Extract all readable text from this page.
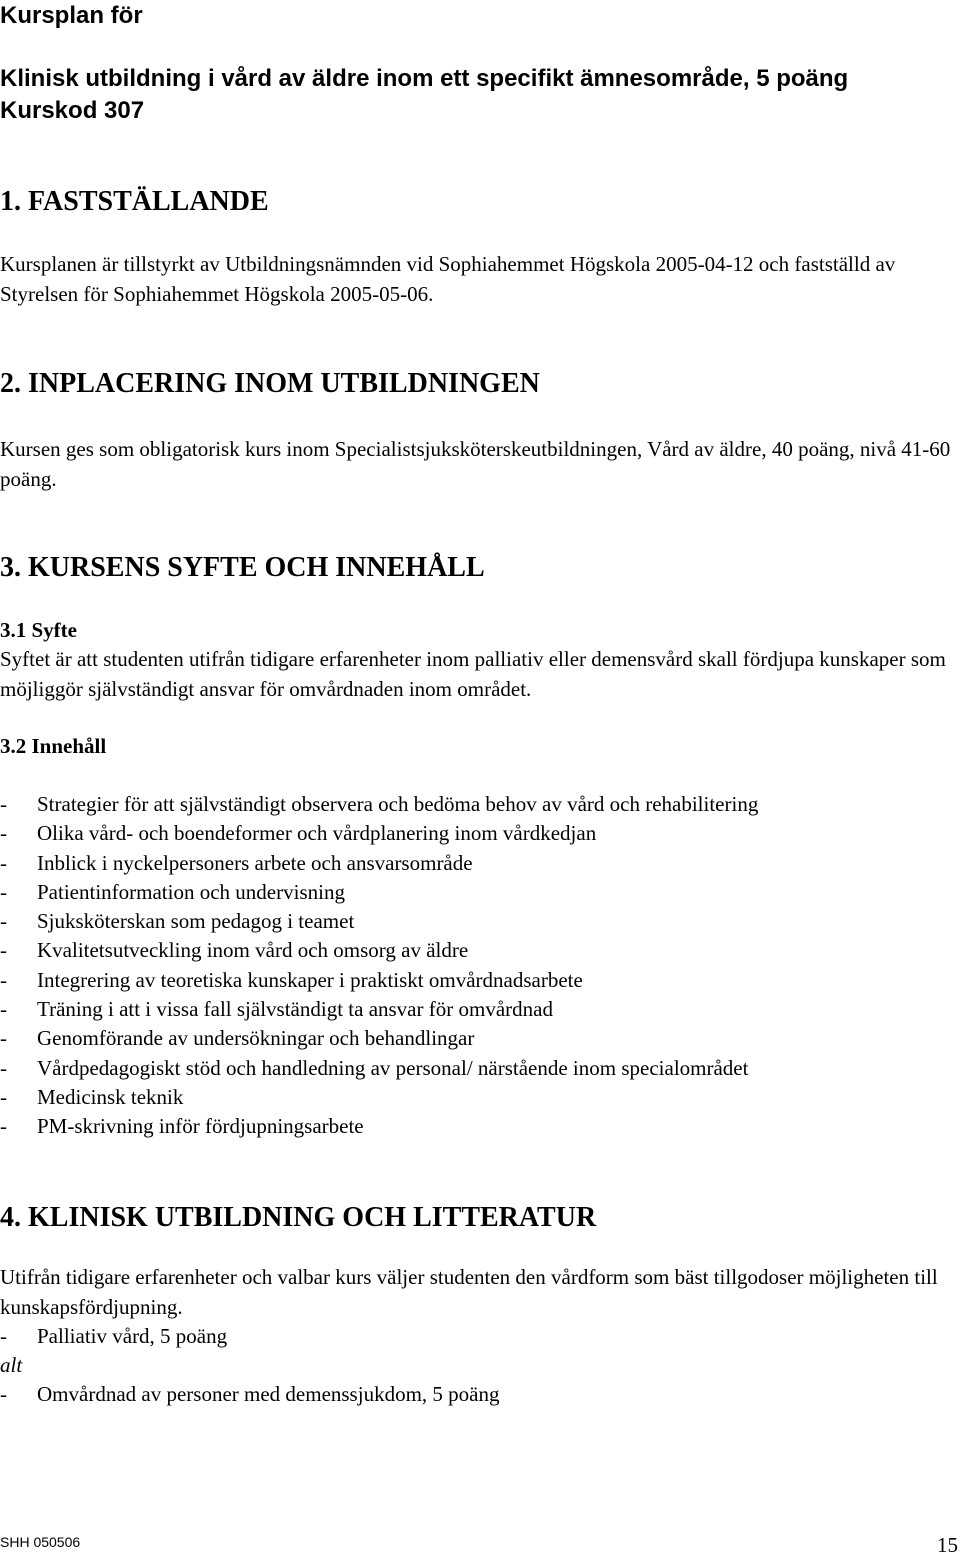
Kursplan för
Klinisk utbildning i vård av äldre inom ett specifikt ämnesområde, 5 poäng
Kurskod 307
1. FASTSTÄLLANDE
Kursplanen är tillstyrkt av Utbildningsnämnden vid Sophiahemmet Högskola 2005-04-12 och fastställd av Styrelsen för Sophiahemmet Högskola 2005-05-06.
2. INPLACERING INOM UTBILDNINGEN
Kursen ges som obligatorisk kurs inom Specialistsjuksköterskeutbildningen, Vård av äldre, 40 poäng, nivå 41-60 poäng.
3. KURSENS SYFTE OCH INNEHÅLL
3.1 Syfte
Syftet är att studenten utifrån tidigare erfarenheter inom palliativ eller demensvård skall fördjupa kunskaper som möjliggör självständigt ansvar för omvårdnaden inom området.
3.2 Innehåll
- Strategier för att självständigt observera och bedöma behov av vård och rehabilitering
- Olika vård- och boendeformer och vårdplanering inom vårdkedjan
- Inblick i nyckelpersoners arbete och ansvarsområde
- Patientinformation och undervisning
- Sjuksköterskan som pedagog i teamet
- Kvalitetsutveckling inom vård och omsorg av äldre
- Integrering av teoretiska kunskaper i praktiskt omvårdnadsarbete
- Träning i att i vissa fall självständigt ta ansvar för omvårdnad
- Genomförande av undersökningar och behandlingar
- Vårdpedagogiskt stöd och handledning av personal/ närstående inom specialområdet
- Medicinsk teknik
- PM-skrivning inför fördjupningsarbete
4. KLINISK UTBILDNING OCH LITTERATUR
Utifrån tidigare erfarenheter och valbar kurs väljer studenten den vårdform som bäst tillgodoser möjligheten till kunskapsfördjupning.
- Palliativ vård, 5 poäng
alt
- Omvårdnad av personer med demenssjukdom, 5 poäng
SHH 050506	15
